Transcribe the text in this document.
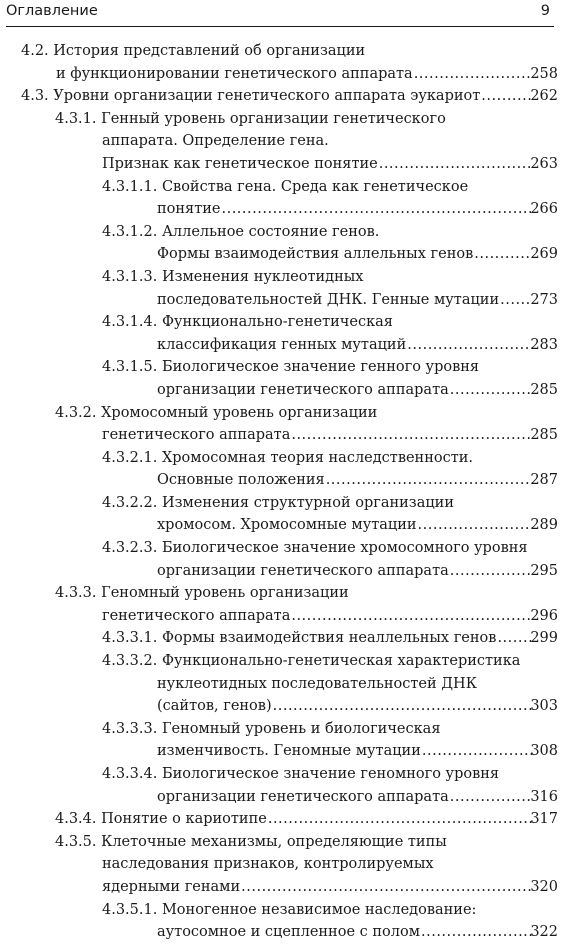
Оглавление	9
4.2. История представлений об организации
и функционировании генетического аппарата .....	258
4.3. Уровни организации генетического аппарата эукариот .....	262
4.3.1. Генный уровень организации генетического
аппарата. Определение гена.
Признак как генетическое понятие .....	263
4.3.1.1. Свойства гена. Среда как генетическое
понятие .....	266
4.3.1.2. Аллельное состояние генов.
Формы взаимодействия аллельных генов .....	269
4.3.1.3. Изменения нуклеотидных
последовательностей ДНК. Генные мутации ..... 273
4.3.1.4. Функционально-генетическая
классификация генных мутаций .....	283
4.3.1.5. Биологическое значение генного уровня
организации генетического аппарата .....	285
4.3.2. Хромосомный уровень организации
генетического аппарата .....	285
4.3.2.1. Хромосомная теория наследственности.
Основные положения .....	287
4.3.2.2. Изменения структурной организации
хромосом. Хромосомные мутации .....	289
4.3.2.3. Биологическое значение хромосомного уровня
организации генетического аппарата .....	295
4.3.3. Геномный уровень организации
генетического аппарата .....	296
4.3.3.1. Формы взаимодействия неаллельных генов ..... 299
4.3.3.2. Функционально-генетическая характеристика
нуклеотидных последовательностей ДНК
(сайтов, генов) .....	303
4.3.3.3. Геномный уровень и биологическая
изменчивость. Геномные мутации .....	308
4.3.3.4. Биологическое значение геномного уровня
организации генетического аппарата .....	316
4.3.4. Понятие о кариотипе .....	317
4.3.5. Клеточные механизмы, определяющие типы
наследования признаков, контролируемых
ядерными генами .....	320
4.3.5.1. Моногенное независимое наследование:
аутосомное и сцепленное с полом .....	322
